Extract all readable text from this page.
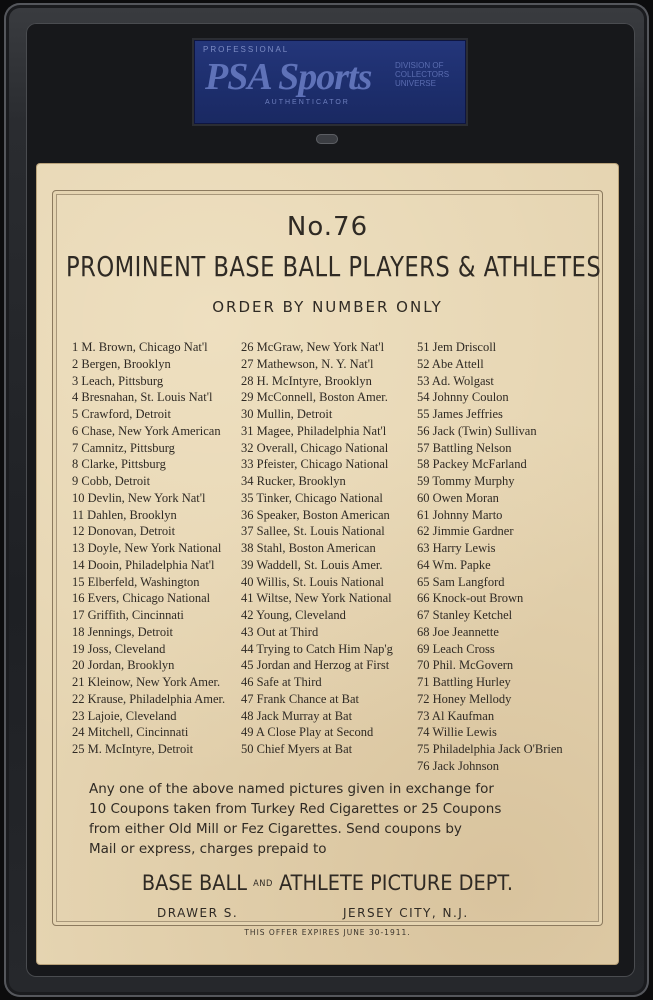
PROFESSIONAL
PSA Sports
AUTHENTICATOR
DIVISION OF COLLECTORS UNIVERSE
No.76
PROMINENT BASE BALL PLAYERS & ATHLETES
ORDER BY NUMBER ONLY
1 M. Brown, Chicago Nat'l
2 Bergen, Brooklyn
3 Leach, Pittsburg
4 Bresnahan, St. Louis Nat'l
5 Crawford, Detroit
6 Chase, New York American
7 Camnitz, Pittsburg
8 Clarke, Pittsburg
9 Cobb, Detroit
10 Devlin, New York Nat'l
11 Dahlen, Brooklyn
12 Donovan, Detroit
13 Doyle, New York National
14 Dooin, Philadelphia Nat'l
15 Elberfeld, Washington
16 Evers, Chicago National
17 Griffith, Cincinnati
18 Jennings, Detroit
19 Joss, Cleveland
20 Jordan, Brooklyn
21 Kleinow, New York Amer.
22 Krause, Philadelphia Amer.
23 Lajoie, Cleveland
24 Mitchell, Cincinnati
25 M. McIntyre, Detroit
26 McGraw, New York Nat'l
27 Mathewson, N. Y. Nat'l
28 H. McIntyre, Brooklyn
29 McConnell, Boston Amer.
30 Mullin, Detroit
31 Magee, Philadelphia Nat'l
32 Overall, Chicago National
33 Pfeister, Chicago National
34 Rucker, Brooklyn
35 Tinker, Chicago National
36 Speaker, Boston American
37 Sallee, St. Louis National
38 Stahl, Boston American
39 Waddell, St. Louis Amer.
40 Willis, St. Louis National
41 Wiltse, New York National
42 Young, Cleveland
43 Out at Third
44 Trying to Catch Him Nap'g
45 Jordan and Herzog at First
46 Safe at Third
47 Frank Chance at Bat
48 Jack Murray at Bat
49 A Close Play at Second
50 Chief Myers at Bat
51 Jem Driscoll
52 Abe Attell
53 Ad. Wolgast
54 Johnny Coulon
55 James Jeffries
56 Jack (Twin) Sullivan
57 Battling Nelson
58 Packey McFarland
59 Tommy Murphy
60 Owen Moran
61 Johnny Marto
62 Jimmie Gardner
63 Harry Lewis
64 Wm. Papke
65 Sam Langford
66 Knock-out Brown
67 Stanley Ketchel
68 Joe Jeannette
69 Leach Cross
70 Phil. McGovern
71 Battling Hurley
72 Honey Mellody
73 Al Kaufman
74 Willie Lewis
75 Philadelphia Jack O'Brien
76 Jack Johnson
Any one of the above named pictures given in exchange for
10 Coupons taken from Turkey Red Cigarettes or 25 Coupons
from either Old Mill or Fez Cigarettes. Send coupons by
Mail or express, charges prepaid to
BASE BALL AND ATHLETE PICTURE DEPT.
DRAWER S.	JERSEY CITY, N.J.
THIS OFFER EXPIRES JUNE 30-1911.
